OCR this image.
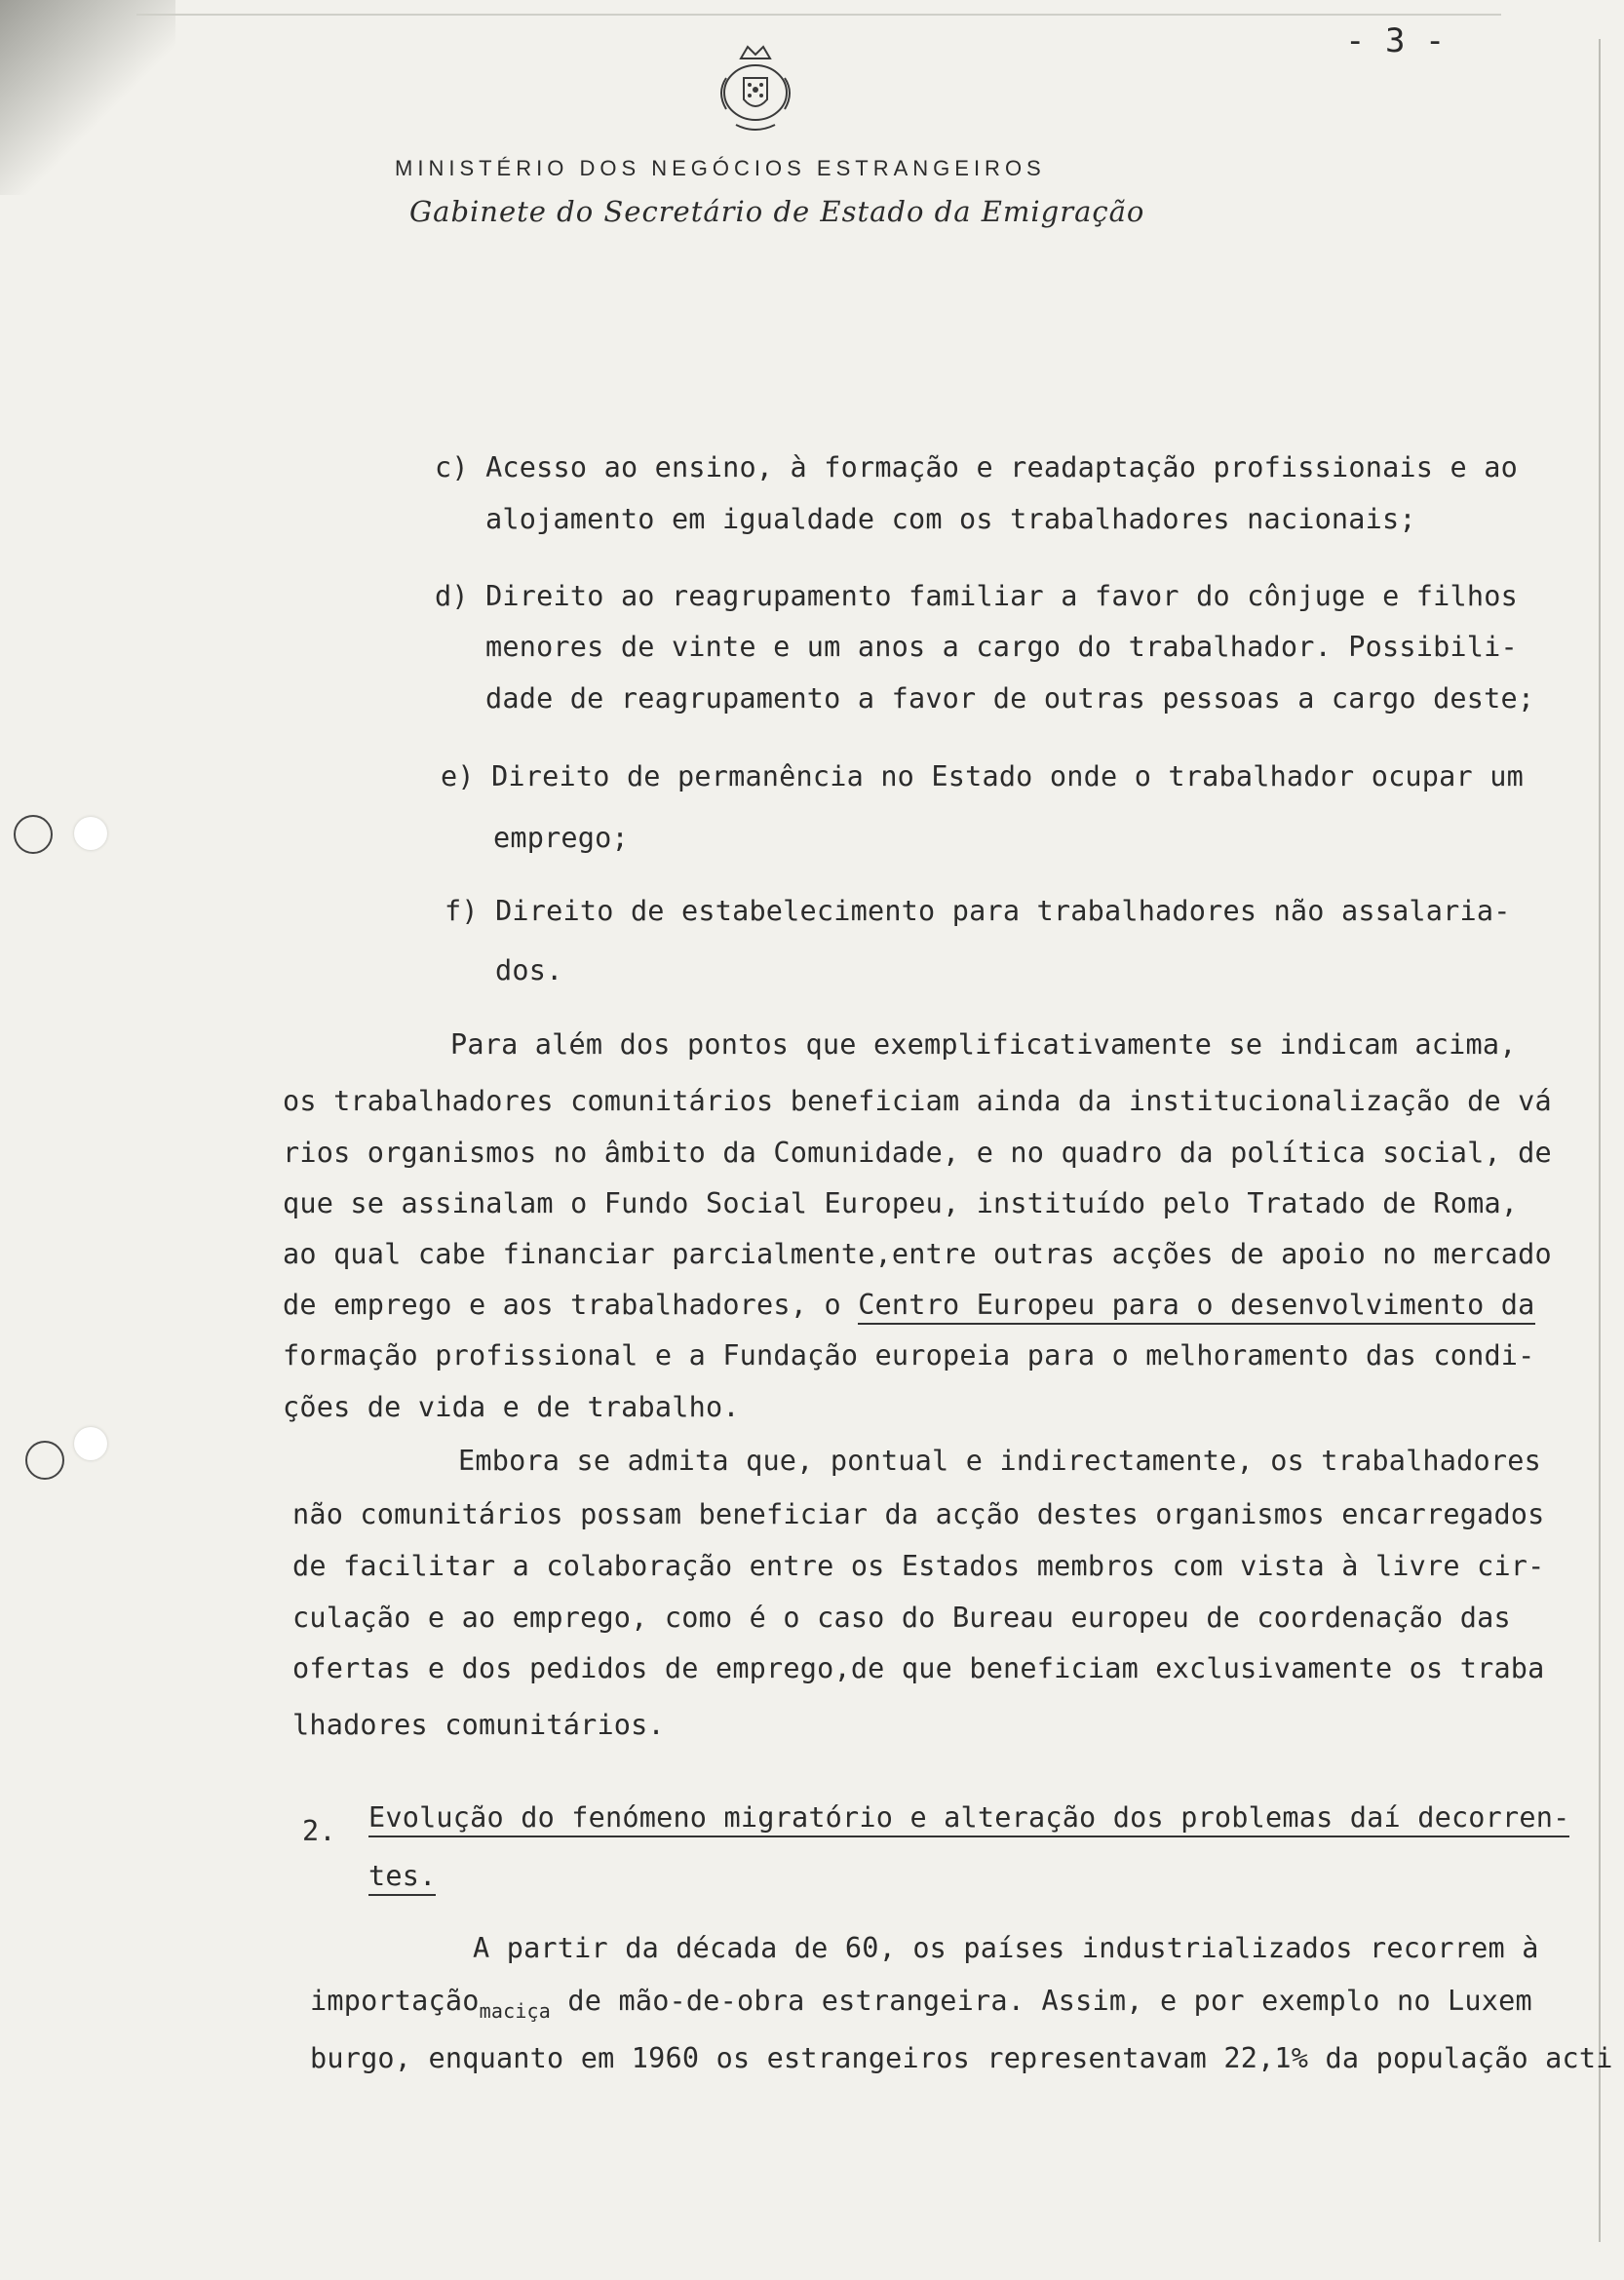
- 3 -
MINISTÉRIO DOS NEGÓCIOS ESTRANGEIROS
Gabinete do Secretário de Estado da Emigração
c) Acesso ao ensino, à formação e readaptação profissionais e ao
alojamento em igualdade com os trabalhadores nacionais;
d) Direito ao reagrupamento familiar a favor do cônjuge e filhos
menores de vinte e um anos a cargo do trabalhador. Possibili-
dade de reagrupamento a favor de outras pessoas a cargo deste;
e) Direito de permanência no Estado onde o trabalhador ocupar um
emprego;
f) Direito de estabelecimento para trabalhadores não assalaria-
dos.
Para além dos pontos que exemplificativamente se indicam acima,
os trabalhadores comunitários beneficiam ainda da institucionalização de vá
rios organismos no âmbito da Comunidade, e no quadro da política social, de
que se assinalam o Fundo Social Europeu, instituído pelo Tratado de Roma,
ao qual cabe financiar parcialmente,entre outras acções de apoio no mercado
de emprego e aos trabalhadores, o Centro Europeu para o desenvolvimento da
formação profissional e a Fundação europeia para o melhoramento das condi-
ções de vida e de trabalho.
Embora se admita que, pontual e indirectamente, os trabalhadores
não comunitários possam beneficiar da acção destes organismos encarregados
de facilitar a colaboração entre os Estados membros com vista à livre cir-
culação e ao emprego, como é o caso do Bureau europeu de coordenação das
ofertas e dos pedidos de emprego,de que beneficiam exclusivamente os traba
lhadores comunitários.
2. Evolução do fenómeno migratório e alteração dos problemas daí decorren-
tes.
A partir da década de 60, os países industrializados recorrem à
importação$_{maciça}$ de mão-de-obra estrangeira. Assim, e por exemplo no Luxem
burgo, enquanto em 1960 os estrangeiros representavam 22,1% da população acti
